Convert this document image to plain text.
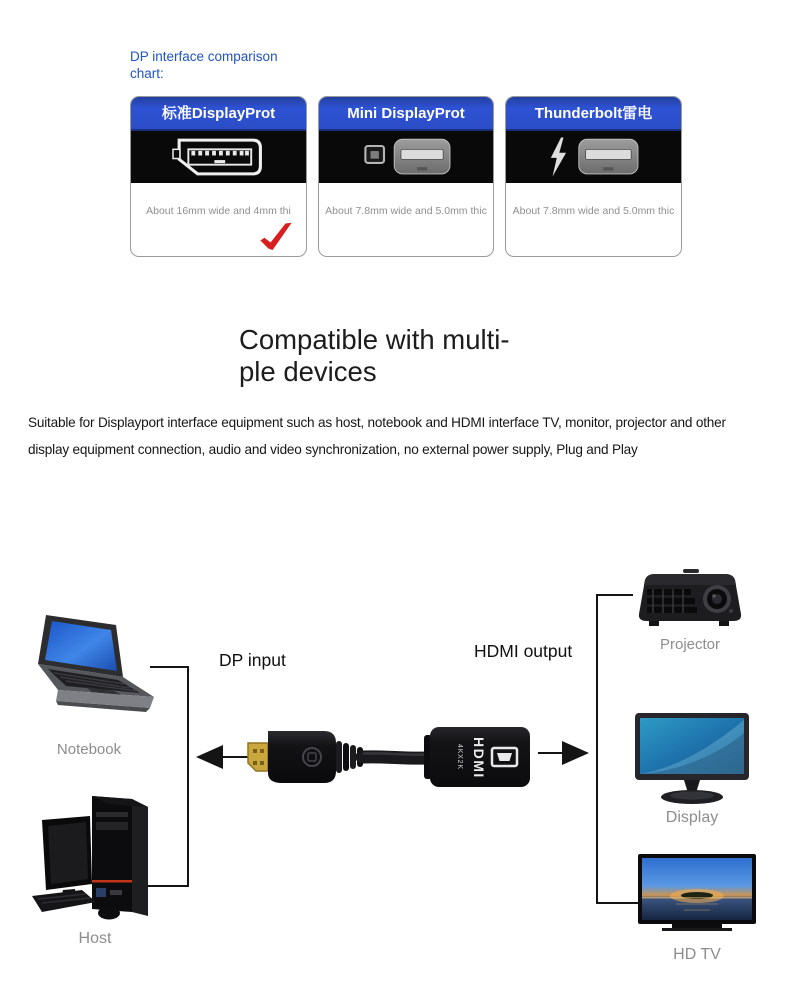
DP interface comparison
chart:
标准DisplayProt
About 16mm wide and 4mm thi
Mini DisplayProt
About 7.8mm wide and 5.0mm thic
Thunderbolt雷电
About 7.8mm wide and 5.0mm thic
Compatible with multi-
ple devices
Suitable for Displayport interface equipment such as host, notebook and HDMI interface TV, monitor, projector and other
display equipment connection, audio and video synchronization, no external power supply, Plug and Play
Notebook
Host
DP input	HDMI output
HDMI
4KX2K
Projector
Display
HD TV
